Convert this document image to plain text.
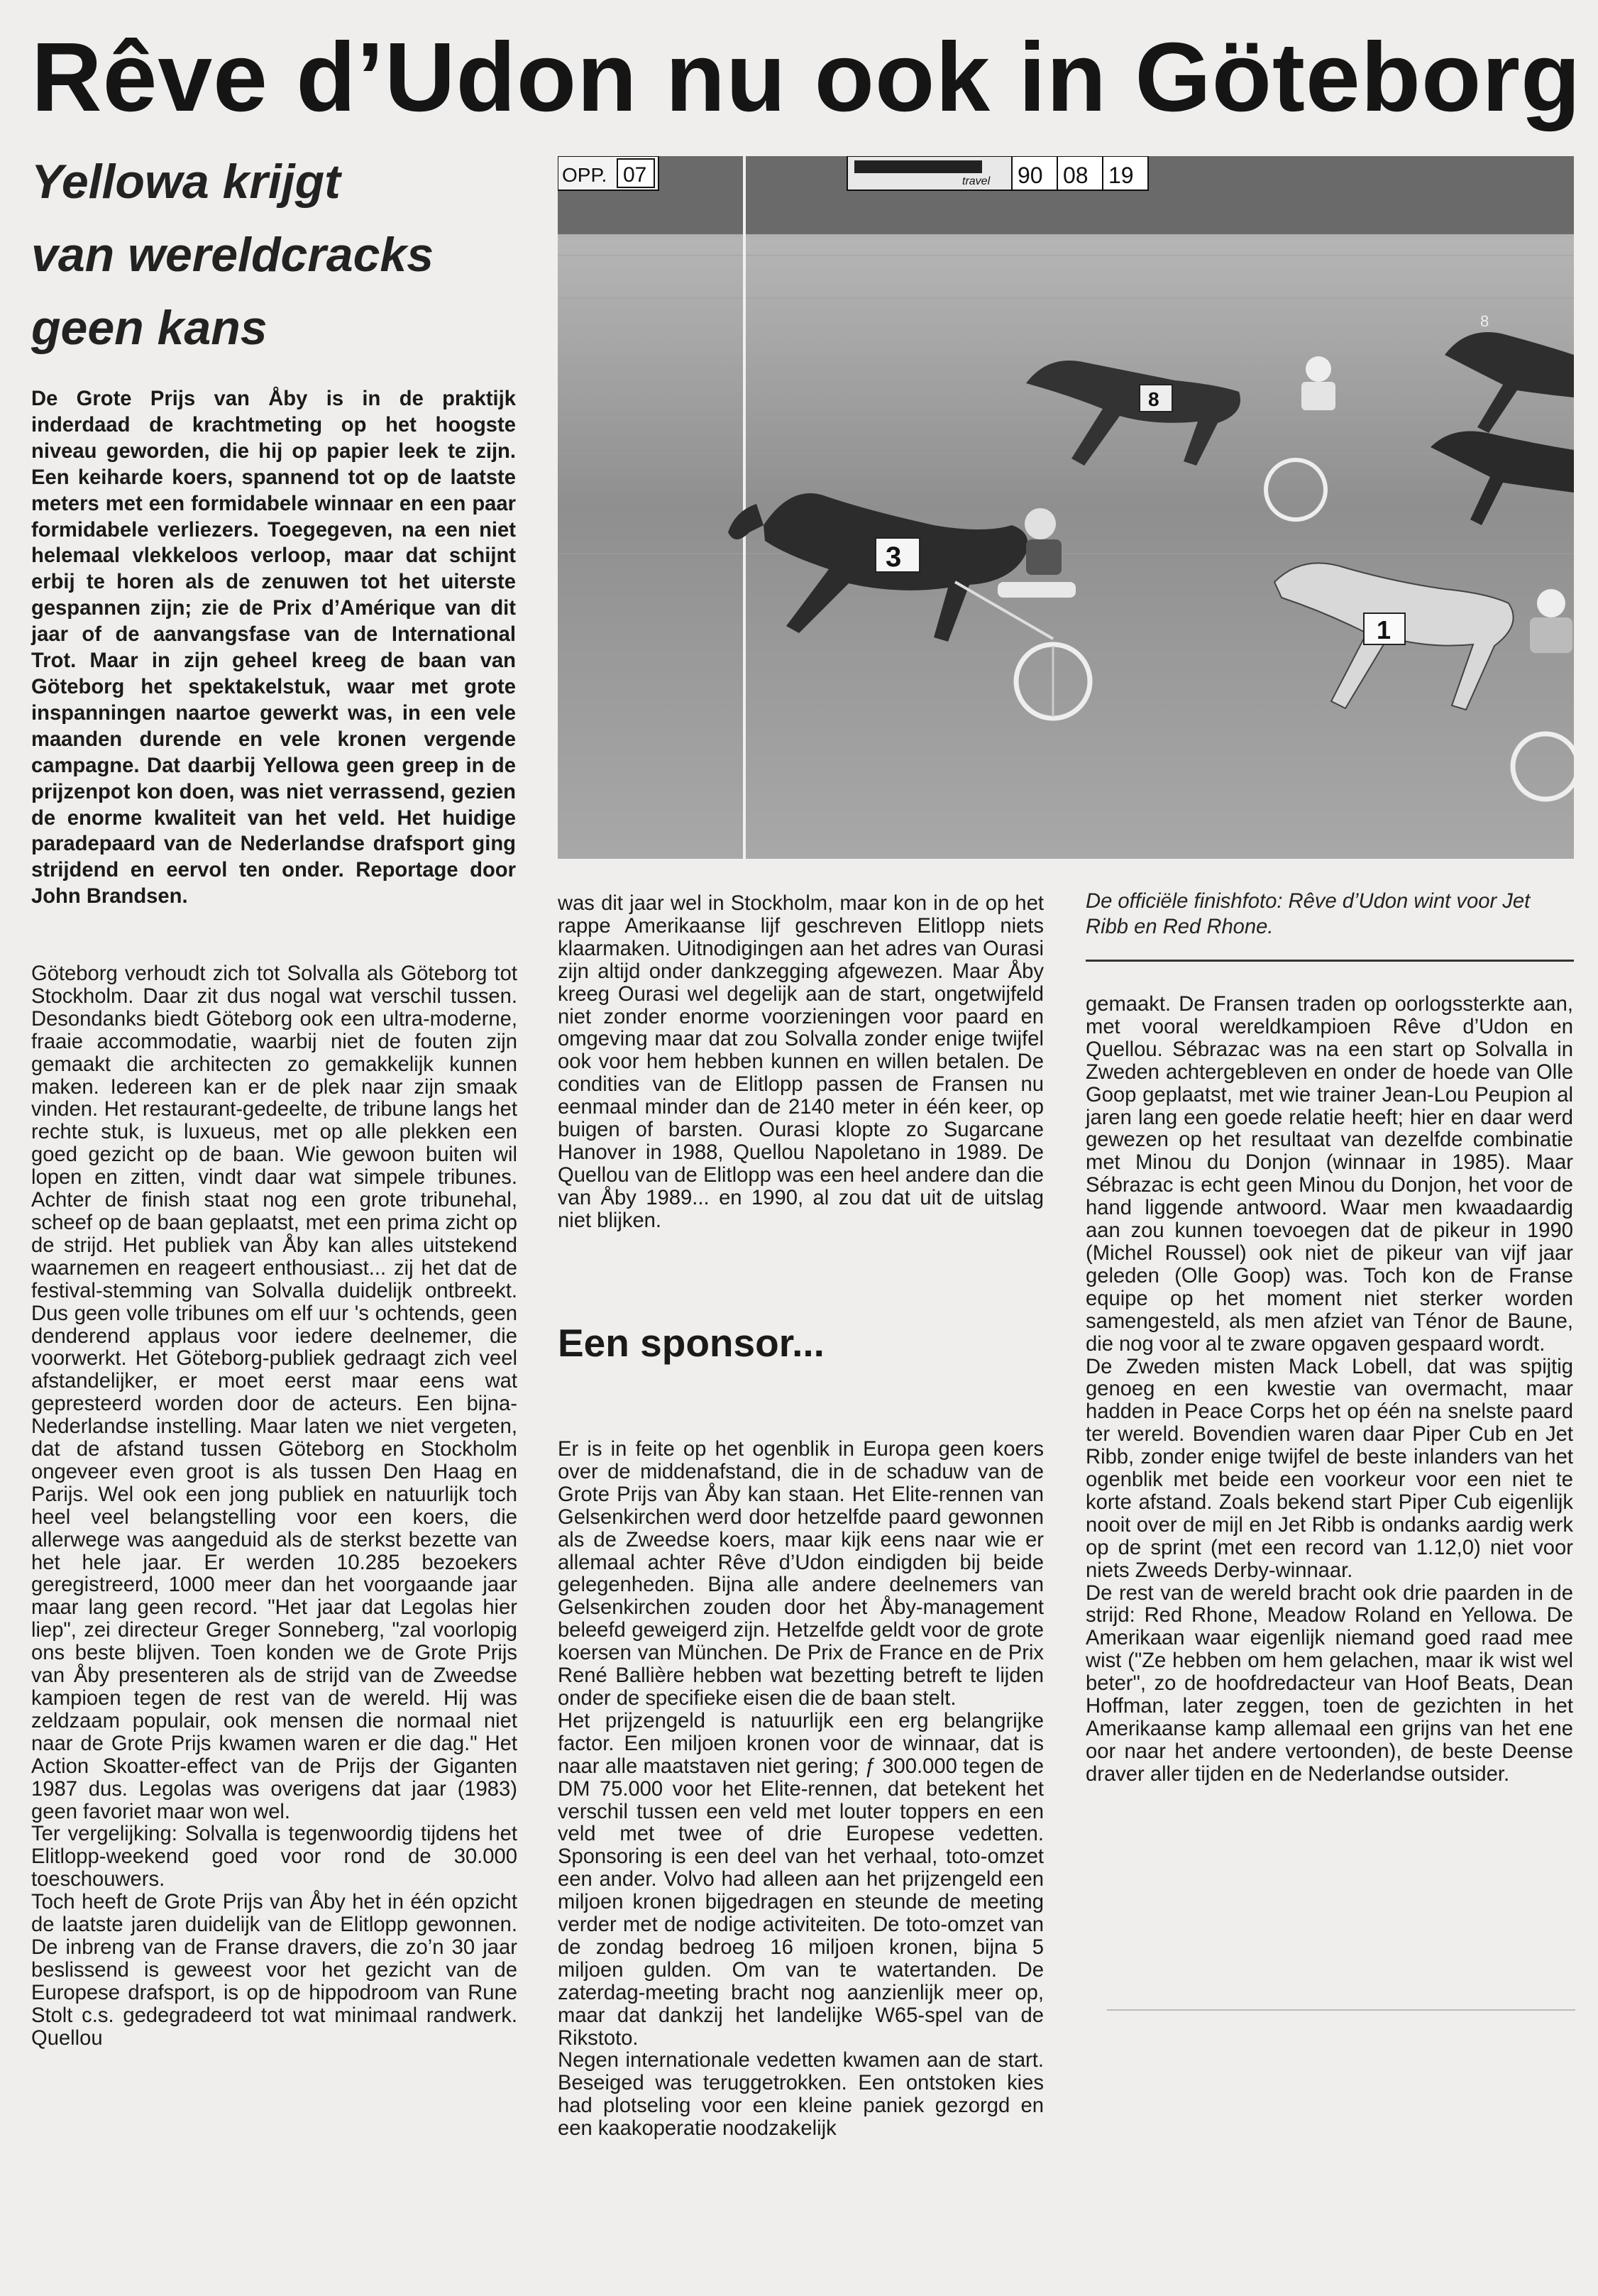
Rêve d’Udon nu ook in Göteborg
Yellowa krijgt
van wereldcracks
geen kans

De Grote Prijs van Åby is in de praktijk inderdaad de krachtmeting op het hoogste niveau geworden, die hij op papier leek te zijn. Een keiharde koers, spannend tot op de laatste meters met een formidabele winnaar en een paar formidabele verliezers. Toegegeven, na een niet helemaal vlekkeloos verloop, maar dat schijnt erbij te horen als de zenuwen tot het uiterste gespannen zijn; zie de Prix d’Amérique van dit jaar of de aanvangsfase van de International Trot. Maar in zijn geheel kreeg de baan van Göteborg het spektakelstuk, waar met grote inspanningen naartoe gewerkt was, in een vele maanden durende en vele kronen vergende campagne. Dat daarbij Yellowa geen greep in de prijzenpot kon doen, was niet verrassend, gezien de enorme kwaliteit van het veld. Het huidige paradepaard van de Nederlandse drafsport ging strijdend en eervol ten onder. Reportage door John Brandsen.

OPP. 07	travel 90 08 19
3
1
8
8
De officiële finishfoto: Rêve d’Udon wint voor Jet Ribb en Red Rhone.

Göteborg verhoudt zich tot Solvalla als Göteborg tot Stockholm. Daar zit dus nogal wat verschil tussen. Desondanks biedt Göteborg ook een ultra-moderne, fraaie accommodatie, waarbij niet de fouten zijn gemaakt die architecten zo gemakkelijk kunnen maken. Iedereen kan er de plek naar zijn smaak vinden. Het restaurant-gedeelte, de tribune langs het rechte stuk, is luxueus, met op alle plekken een goed gezicht op de baan. Wie gewoon buiten wil lopen en zitten, vindt daar wat simpele tribunes. Achter de finish staat nog een grote tribunehal, scheef op de baan geplaatst, met een prima zicht op de strijd. Het publiek van Åby kan alles uitstekend waarnemen en reageert enthousiast... zij het dat de festival-stemming van Solvalla duidelijk ontbreekt. Dus geen volle tribunes om elf uur 's ochtends, geen denderend applaus voor iedere deelnemer, die voorwerkt. Het Göteborg-publiek gedraagt zich veel afstandelijker, er moet eerst maar eens wat gepresteerd worden door de acteurs. Een bijna-Nederlandse instelling. Maar laten we niet vergeten, dat de afstand tussen Göteborg en Stockholm ongeveer even groot is als tussen Den Haag en Parijs. Wel ook een jong publiek en natuurlijk toch heel veel belangstelling voor een koers, die allerwege was aangeduid als de sterkst bezette van het hele jaar. Er werden 10.285 bezoekers geregistreerd, 1000 meer dan het voorgaande jaar maar lang geen record. "Het jaar dat Legolas hier liep", zei directeur Greger Sonneberg, "zal voorlopig ons beste blijven. Toen konden we de Grote Prijs van Åby presenteren als de strijd van de Zweedse kampioen tegen de rest van de wereld. Hij was zeldzaam populair, ook mensen die normaal niet naar de Grote Prijs kwamen waren er die dag." Het Action Skoatter-effect van de Prijs der Giganten 1987 dus. Legolas was overigens dat jaar (1983) geen favoriet maar won wel.

Ter vergelijking: Solvalla is tegenwoordig tijdens het Elitlopp-weekend goed voor rond de 30.000 toeschouwers.

Toch heeft de Grote Prijs van Åby het in één opzicht de laatste jaren duidelijk van de Elitlopp gewonnen. De inbreng van de Franse dravers, die zo’n 30 jaar beslissend is geweest voor het gezicht van de Europese drafsport, is op de hippodroom van Rune Stolt c.s. gedegradeerd tot wat minimaal randwerk. Quellou

was dit jaar wel in Stockholm, maar kon in de op het rappe Amerikaanse lijf geschreven Elitlopp niets klaarmaken. Uitnodigingen aan het adres van Ourasi zijn altijd onder dankzegging afgewezen. Maar Åby kreeg Ourasi wel degelijk aan de start, ongetwijfeld niet zonder enorme voorzieningen voor paard en omgeving maar dat zou Solvalla zonder enige twijfel ook voor hem hebben kunnen en willen betalen. De condities van de Elitlopp passen de Fransen nu eenmaal minder dan de 2140 meter in één keer, op buigen of barsten. Ourasi klopte zo Sugarcane Hanover in 1988, Quellou Napoletano in 1989. De Quellou van de Elitlopp was een heel andere dan die van Åby 1989... en 1990, al zou dat uit de uitslag niet blijken.

Een sponsor...

Er is in feite op het ogenblik in Europa geen koers over de middenafstand, die in de schaduw van de Grote Prijs van Åby kan staan. Het Elite-rennen van Gelsenkirchen werd door hetzelfde paard gewonnen als de Zweedse koers, maar kijk eens naar wie er allemaal achter Rêve d’Udon eindigden bij beide gelegenheden. Bijna alle andere deelnemers van Gelsenkirchen zouden door het Åby-management beleefd geweigerd zijn. Hetzelfde geldt voor de grote koersen van München. De Prix de France en de Prix René Ballière hebben wat bezetting betreft te lijden onder de specifieke eisen die de baan stelt.

Het prijzengeld is natuurlijk een erg belangrijke factor. Een miljoen kronen voor de winnaar, dat is naar alle maatstaven niet gering; ƒ 300.000 tegen de DM 75.000 voor het Elite-rennen, dat betekent het verschil tussen een veld met louter toppers en een veld met twee of drie Europese vedetten. Sponsoring is een deel van het verhaal, toto-omzet een ander. Volvo had alleen aan het prijzengeld een miljoen kronen bijgedragen en steunde de meeting verder met de nodige activiteiten. De toto-omzet van de zondag bedroeg 16 miljoen kronen, bijna 5 miljoen gulden. Om van te watertanden. De zaterdag-meeting bracht nog aanzienlijk meer op, maar dat dankzij het landelijke W65-spel van de Rikstoto.

Negen internationale vedetten kwamen aan de start. Beseiged was teruggetrokken. Een ontstoken kies had plotseling voor een kleine paniek gezorgd en een kaakoperatie noodzakelijk

gemaakt. De Fransen traden op oorlogssterkte aan, met vooral wereldkampioen Rêve d’Udon en Quellou. Sébrazac was na een start op Solvalla in Zweden achtergebleven en onder de hoede van Olle Goop geplaatst, met wie trainer Jean-Lou Peupion al jaren lang een goede relatie heeft; hier en daar werd gewezen op het resultaat van dezelfde combinatie met Minou du Donjon (winnaar in 1985). Maar Sébrazac is echt geen Minou du Donjon, het voor de hand liggende antwoord. Waar men kwaadaardig aan zou kunnen toevoegen dat de pikeur in 1990 (Michel Roussel) ook niet de pikeur van vijf jaar geleden (Olle Goop) was. Toch kon de Franse equipe op het moment niet sterker worden samengesteld, als men afziet van Ténor de Baune, die nog voor al te zware opgaven gespaard wordt.

De Zweden misten Mack Lobell, dat was spijtig genoeg en een kwestie van overmacht, maar hadden in Peace Corps het op één na snelste paard ter wereld. Bovendien waren daar Piper Cub en Jet Ribb, zonder enige twijfel de beste inlanders van het ogenblik met beide een voorkeur voor een niet te korte afstand. Zoals bekend start Piper Cub eigenlijk nooit over de mijl en Jet Ribb is ondanks aardig werk op de sprint (met een record van 1.12,0) niet voor niets Zweeds Derby-winnaar.

De rest van de wereld bracht ook drie paarden in de strijd: Red Rhone, Meadow Roland en Yellowa. De Amerikaan waar eigenlijk niemand goed raad mee wist ("Ze hebben om hem gelachen, maar ik wist wel beter", zo de hoofdredacteur van Hoof Beats, Dean Hoffman, later zeggen, toen de gezichten in het Amerikaanse kamp allemaal een grijns van het ene oor naar het andere vertoonden), de beste Deense draver aller tijden en de Nederlandse outsider.
